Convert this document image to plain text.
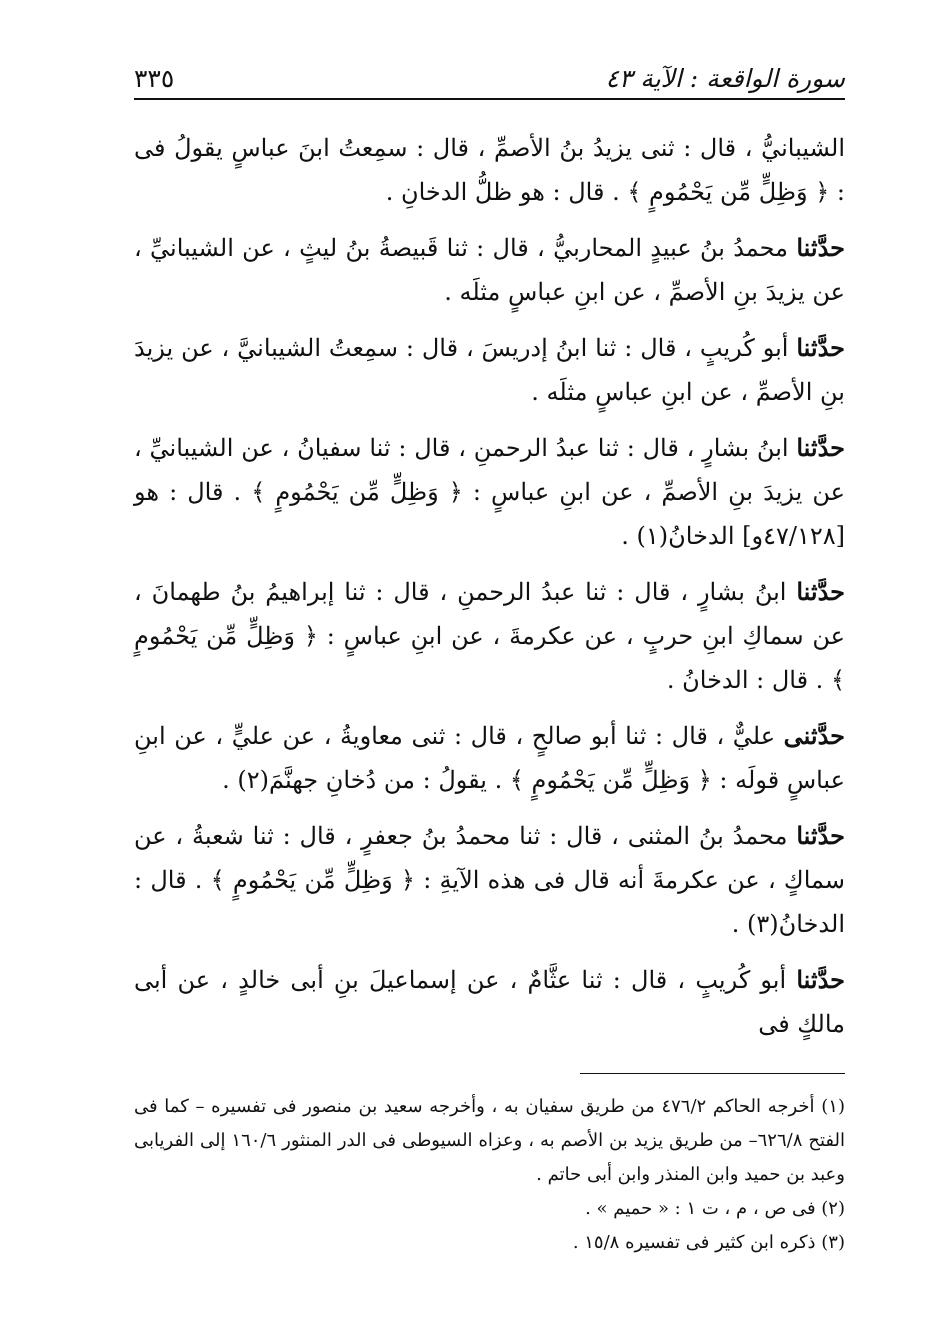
سورة الواقعة : الآية ٤٣
٣٣٥

الشيبانيُّ ، قال : ثنى يزيدُ بنُ الأصمِّ ، قال : سمِعتُ ابنَ عباسٍ يقولُ فى : ﴿ وَظِلٍّ مِّن يَحْمُومٍ ﴾ . قال : هو ظلُّ الدخانِ .

حدَّثنا محمدُ بنُ عبيدٍ المحاربيُّ ، قال : ثنا قَبيصةُ بنُ ليثٍ ، عن الشيبانيِّ ، عن يزيدَ بنِ الأصمِّ ، عن ابنِ عباسٍ مثلَه .

حدَّثنا أبو كُريبٍ ، قال : ثنا ابنُ إدريسَ ، قال : سمِعتُ الشيبانيَّ ، عن يزيدَ بنِ الأصمِّ ، عن ابنِ عباسٍ مثلَه .

حدَّثنا ابنُ بشارٍ ، قال : ثنا عبدُ الرحمنِ ، قال : ثنا سفيانُ ، عن الشيبانيِّ ، عن يزيدَ بنِ الأصمِّ ، عن ابنِ عباسٍ : ﴿ وَظِلٍّ مِّن يَحْمُومٍ ﴾ . قال : هو [٤٧/١٢٨و] الدخانُ(١) .

حدَّثنا ابنُ بشارٍ ، قال : ثنا عبدُ الرحمنِ ، قال : ثنا إبراهيمُ بنُ طهمانَ ، عن سماكِ ابنِ حربٍ ، عن عكرمةَ ، عن ابنِ عباسٍ : ﴿ وَظِلٍّ مِّن يَحْمُومٍ ﴾ . قال : الدخانُ .

حدَّثنى عليٌّ ، قال : ثنا أبو صالحٍ ، قال : ثنى معاويةُ ، عن عليٍّ ، عن ابنِ عباسٍ قولَه : ﴿ وَظِلٍّ مِّن يَحْمُومٍ ﴾ . يقولُ : من دُخانِ جهنَّمَ(٢) .

حدَّثنا محمدُ بنُ المثنى ، قال : ثنا محمدُ بنُ جعفرٍ ، قال : ثنا شعبةُ ، عن سماكٍ ، عن عكرمةَ أنه قال فى هذه الآيةِ : ﴿ وَظِلٍّ مِّن يَحْمُومٍ ﴾ . قال : الدخانُ(٣) .

حدَّثنا أبو كُريبٍ ، قال : ثنا عثَّامٌ ، عن إسماعيلَ بنِ أبى خالدٍ ، عن أبى مالكٍ فى

(١) أخرجه الحاكم ٤٧٦/٢ من طريق سفيان به ، وأخرجه سعيد بن منصور فى تفسيره – كما فى الفتح ٦٢٦/٨– من طريق يزيد بن الأصم به ، وعزاه السيوطى فى الدر المنثور ١٦٠/٦ إلى الفريابى وعبد بن حميد وابن المنذر وابن أبى حاتم .

(٢) فى ص ، م ، ت ١ : « حميم » .

(٣) ذكره ابن كثير فى تفسيره ١٥/٨ .
